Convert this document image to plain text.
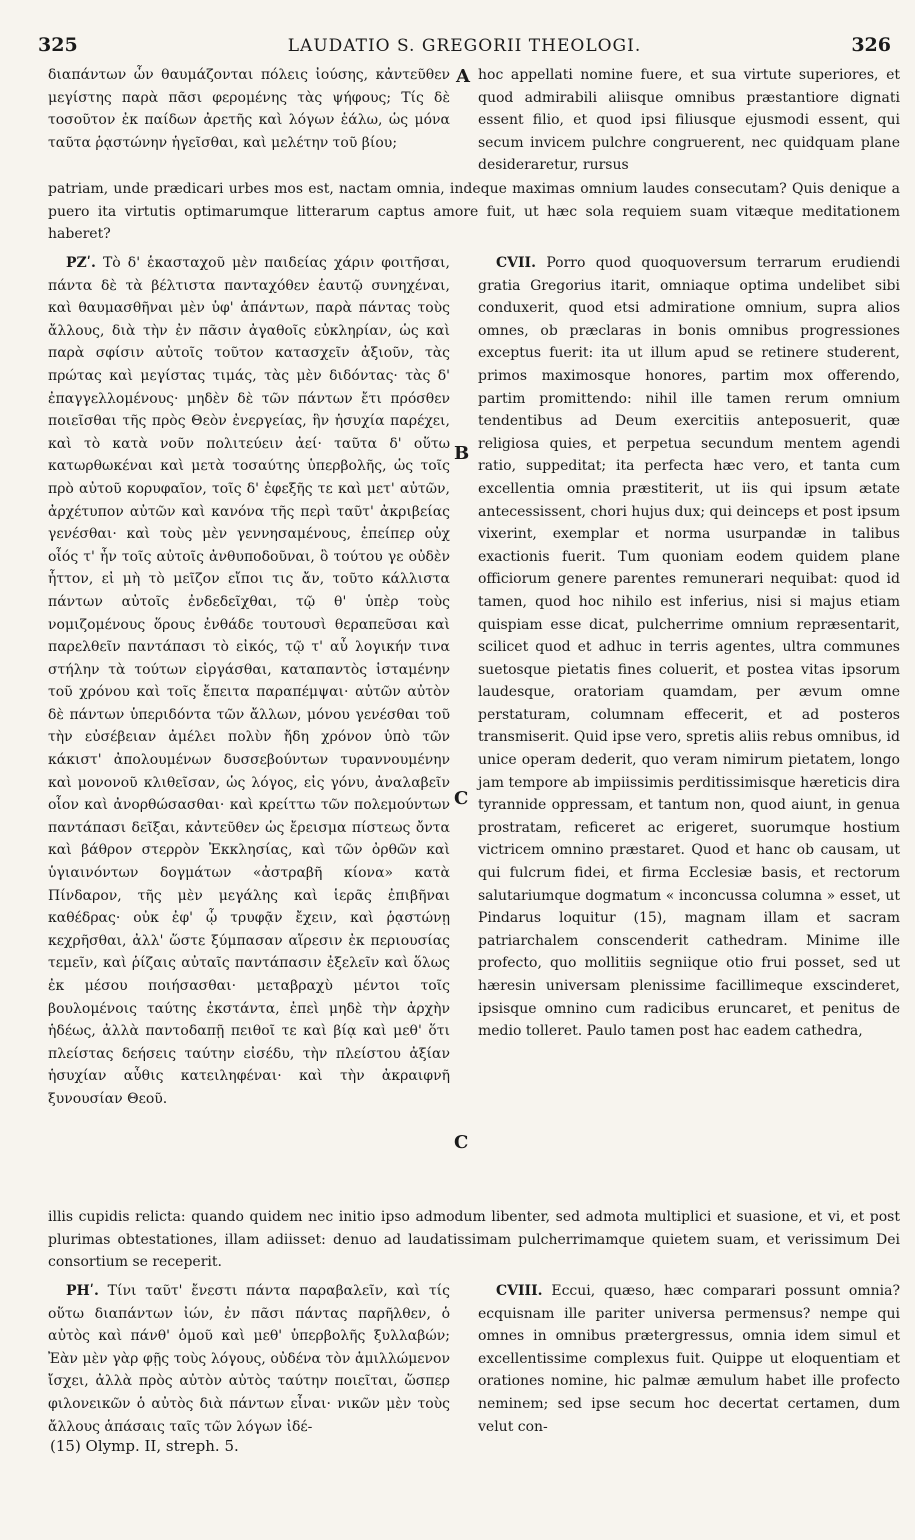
325	LAUDATIO S. GREGORII THEOLOGI.	326

διαπάντων ὧν θαυμάζονται πόλεις ἰούσης, κἀντεῦθεν μεγίστης παρὰ πᾶσι φερομένης τὰς ψήφους; Τίς δὲ τοσοῦτον ἐκ παίδων ἀρετῆς καὶ λόγων ἑάλω, ὡς μόνα ταῦτα ῥᾳστώνην ἡγεῖσθαι, καὶ μελέτην τοῦ βίου;

A hoc appellati nomine fuere, et sua virtute superiores, et quod admirabili aliisque omnibus præstantiore dignati essent filio, et quod ipsi filiusque ejusmodi essent, qui secum invicem pulchre congruerent, nec quidquam plane desideraretur, rursus

patriam, unde prædicari urbes mos est, nactam omnia, indeque maximas omnium laudes consecutam? Quis denique a puero ita virtutis optimarumque litterarum captus amore fuit, ut hæc sola requiem suam vitæque meditationem haberet?

ΡΖʹ. Τὸ δ' ἑκασταχοῦ μὲν παιδείας χάριν φοιτῆσαι, πάντα δὲ τὰ βέλτιστα πανταχόθεν ἑαυτῷ συνηχέναι, καὶ θαυμασθῆναι μὲν ὑφ' ἁπάντων, παρὰ πάντας τοὺς ἄλλους, διὰ τὴν ἐν πᾶσιν ἀγαθοῖς εὐκληρίαν, ὡς καὶ παρὰ σφίσιν αὐτοῖς τοῦτον κατασχεῖν ἀξιοῦν, τὰς πρώτας καὶ μεγίστας τιμάς, τὰς μὲν διδόντας· τὰς δ' ἐπαγγελλομένους· μηδὲν δὲ τῶν πάντων ἔτι πρόσθεν ποιεῖσθαι τῆς πρὸς Θεὸν ἐνεργείας, ἣν ἡσυχία παρέχει, καὶ τὸ κατὰ νοῦν πολιτεύειν ἀεί· ταῦτα δ' οὕτω κατωρθωκέναι καὶ μετὰ τοσαύτης ὑπερβολῆς, ὡς τοῖς πρὸ αὐτοῦ κορυφαῖον, τοῖς δ' ἐφεξῆς τε καὶ μετ' αὐτῶν, ἀρχέτυπον αὐτῶν καὶ κανόνα τῆς περὶ ταῦτ' ἀκριβείας γενέσθαι· καὶ τοὺς μὲν γεννησαμένους, ἐπείπερ οὐχ οἷός τ' ἦν τοῖς αὐτοῖς ἀνθυποδοῦναι, ὃ τούτου γε οὐδὲν ἧττον, εἰ μὴ τὸ μεῖζον εἴποι τις ἄν, τοῦτο κάλλιστα πάντων αὐτοῖς ἐνδεδεῖχθαι, τῷ θ' ὑπὲρ τοὺς νομιζομένους ὅρους ἐνθάδε τουτουσὶ θεραπεῦσαι καὶ παρελθεῖν παντάπασι τὸ εἰκός, τῷ τ' αὖ λογικήν τινα στήλην τὰ τούτων εἰργάσθαι, καταπαντὸς ἱσταμένην τοῦ χρόνου καὶ τοῖς ἔπειτα παραπέμψαι· αὐτῶν αὐτὸν δὲ πάντων ὑπεριδόντα τῶν ἄλλων, μόνου γενέσθαι τοῦ τὴν εὐσέβειαν ἀμέλει πολὺν ἤδη χρόνον ὑπὸ τῶν κάκιστ' ἀπολουμένων δυσσεβούντων τυραννουμένην καὶ μονονοῦ κλιθεῖσαν, ὡς λόγος, εἰς γόνυ, ἀναλαβεῖν οἷον καὶ ἀνορθώσασθαι· καὶ κρείττω τῶν πολεμούντων παντάπασι δεῖξαι, κἀντεῦθεν ὡς ἔρεισμα πίστεως ὄντα καὶ βάθρον στερρὸν Ἐκκλησίας, καὶ τῶν ὀρθῶν καὶ ὑγιαινόντων δογμάτων «ἀστραβῆ κίονα» κατὰ Πίνδαρον, τῆς μὲν μεγάλης καὶ ἱερᾶς ἐπιβῆναι καθέδρας· οὐκ ἐφ' ᾧ τρυφᾷν ἔχειν, καὶ ῥᾳστώνῃ κεχρῆσθαι, ἀλλ' ὥστε ξύμπασαν αἵρεσιν ἐκ περιουσίας τεμεῖν, καὶ ῥίζαις αὐταῖς παντάπασιν ἐξελεῖν καὶ ὅλως ἐκ μέσου ποιήσασθαι· μεταβραχὺ μέντοι τοῖς βουλομένοις ταύτης ἐκστάντα, ἐπεὶ μηδὲ τὴν ἀρχὴν ἡδέως, ἀλλὰ παντοδαπῇ πειθοῖ τε καὶ βίᾳ καὶ μεθ' ὅτι πλείστας δεήσεις ταύτην εἰσέδυ, τὴν πλείστου ἀξίαν ἡσυχίαν αὖθις κατειληφέναι· καὶ τὴν ἀκραιφνῆ ξυνουσίαν Θεοῦ.

B
C
C

CVII. Porro quod quoquoversum terrarum erudiendi gratia Gregorius itarit, omniaque optima undelibet sibi conduxerit, quod etsi admiratione omnium, supra alios omnes, ob præclaras in bonis omnibus progressiones exceptus fuerit: ita ut illum apud se retinere studerent, primos maximosque honores, partim mox offerendo, partim promittendo: nihil ille tamen rerum omnium tendentibus ad Deum exercitiis anteposuerit, quæ religiosa quies, et perpetua secundum mentem agendi ratio, suppeditat; ita perfecta hæc vero, et tanta cum excellentia omnia præstiterit, ut iis qui ipsum ætate antecessissent, chori hujus dux; qui deinceps et post ipsum vixerint, exemplar et norma usurpandæ in talibus exactionis fuerit. Tum quoniam eodem quidem plane officiorum genere parentes remunerari nequibat: quod id tamen, quod hoc nihilo est inferius, nisi si majus etiam quispiam esse dicat, pulcherrime omnium repræsentarit, scilicet quod et adhuc in terris agentes, ultra communes suetosque pietatis fines coluerit, et postea vitas ipsorum laudesque, oratoriam quamdam, per ævum omne perstaturam, columnam effecerit, et ad posteros transmiserit. Quid ipse vero, spretis aliis rebus omnibus, id unice operam dederit, quo veram nimirum pietatem, longo jam tempore ab impiissimis perditissimisque hæreticis dira tyrannide oppressam, et tantum non, quod aiunt, in genua prostratam, reficeret ac erigeret, suorumque hostium victricem omnino præstaret. Quod et hanc ob causam, ut qui fulcrum fidei, et firma Ecclesiæ basis, et rectorum salutariumque dogmatum « inconcussa columna » esset, ut Pindarus loquitur (15), magnam illam et sacram patriarchalem conscenderit cathedram. Minime ille profecto, quo mollitiis segniique otio frui posset, sed ut hæresin universam plenissime facillimeque exscinderet, ipsisque omnino cum radicibus eruncaret, et penitus de medio tolleret. Paulo tamen post hac eadem cathedra,

illis cupidis relicta: quando quidem nec initio ipso admodum libenter, sed admota multiplici et suasione, et vi, et post plurimas obtestationes, illam adiisset: denuo ad laudatissimam pulcherrimamque quietem suam, et verissimum Dei consortium se receperit.

ΡΗʹ. Τίνι ταῦτ' ἔνεστι πάντα παραβαλεῖν, καὶ τίς οὕτω διαπάντων ἰών, ἐν πᾶσι πάντας παρῆλθεν, ὁ αὐτὸς καὶ πάνθ' ὁμοῦ καὶ μεθ' ὑπερβολῆς ξυλλαβών; Ἐὰν μὲν γὰρ φῇς τοὺς λόγους, οὐδένα τὸν ἁμιλλώμενον ἴσχει, ἀλλὰ πρὸς αὐτὸν αὐτὸς ταύτην ποιεῖται, ὥσπερ φιλονεικῶν ὁ αὐτὸς διὰ πάντων εἶναι· νικῶν μὲν τοὺς ἄλλους ἁπάσαις ταῖς τῶν λόγων ἰδέ-

CVIII. Eccui, quæso, hæc comparari possunt omnia? ecquisnam ille pariter universa permensus? nempe qui omnes in omnibus prætergressus, omnia idem simul et excellentissime complexus fuit. Quippe ut eloquentiam et orationes nomine, hic palmæ æmulum habet ille profecto neminem; sed ipse secum hoc decertat certamen, dum velut con-

(15) Olymp. II, streph. 5.
